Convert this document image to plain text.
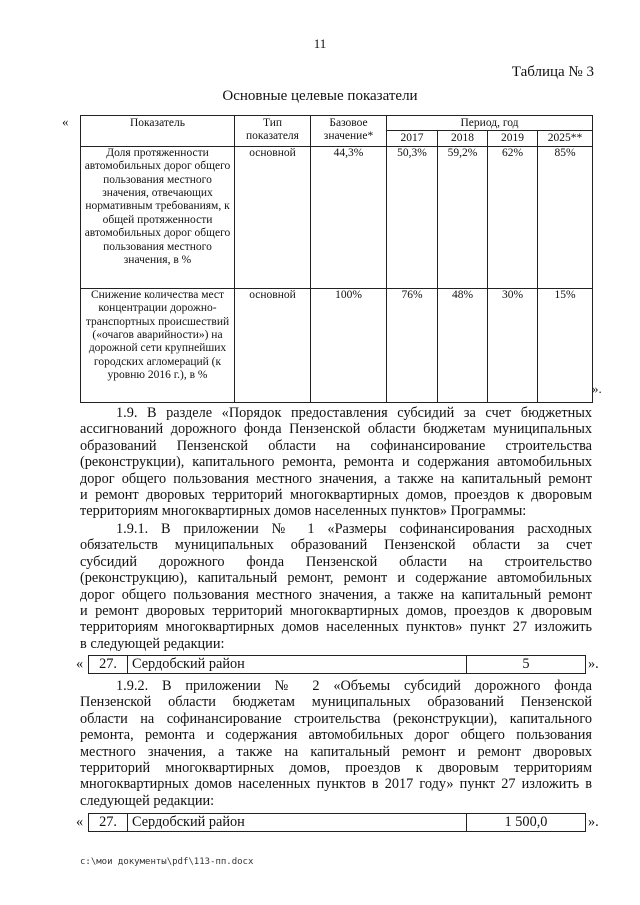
11
Таблица № 3
Основные целевые показатели
«	Показатель	Тип показателя	Базовое значение*	Период, год			
			2017	2018	2019	2025**
Доля протяженности автомобильных дорог общего пользования местного значения, отвечающих нормативным требованиям, к общей протяженности автомобильных дорог общего пользования местного значения, в %	основной	44,3%	50,3%	59,2%	62%	85%
Снижение количества мест концентрации дорожно-транспортных происшествий («очагов аварийности») на дорожной сети крупнейших городских агломераций (к уровню 2016 г.), в %	основной	100%	76%	48%	30%	15%
».
1.9. В разделе «Порядок предоставления субсидий за счет бюджетных
ассигнований дорожного фонда Пензенской области бюджетам муниципальных
образований Пензенской области на софинансирование строительства
(реконструкции), капитального ремонта, ремонта и содержания автомобильных
дорог общего пользования местного значения, а также на капитальный ремонт
и ремонт дворовых территорий многоквартирных домов, проездов к дворовым
территориям многоквартирных домов населенных пунктов» Программы:
1.9.1. В приложении № 1 «Размеры софинансирования расходных
обязательств муниципальных образований Пензенской области за счет
субсидий дорожного фонда Пензенской области на строительство
(реконструкцию), капитальный ремонт, ремонт и содержание автомобильных
дорог общего пользования местного значения, а также на капитальный ремонт
и ремонт дворовых территорий многоквартирных домов, проездов к дворовым
территориям многоквартирных домов населенных пунктов» пункт 27 изложить
в следующей редакции:
«	27.	Сердобский район	5	».
1.9.2. В приложении № 2 «Объемы субсидий дорожного фонда
Пензенской области бюджетам муниципальных образований Пензенской
области на софинансирование строительства (реконструкции), капитального
ремонта, ремонта и содержания автомобильных дорог общего пользования
местного значения, а также на капитальный ремонт и ремонт дворовых
территорий многоквартирных домов, проездов к дворовым территориям
многоквартирных домов населенных пунктов в 2017 году» пункт 27 изложить в
следующей редакции:
«	27.	Сердобский район	1 500,0	».
c:\мои документы\pdf\113-пп.docx
